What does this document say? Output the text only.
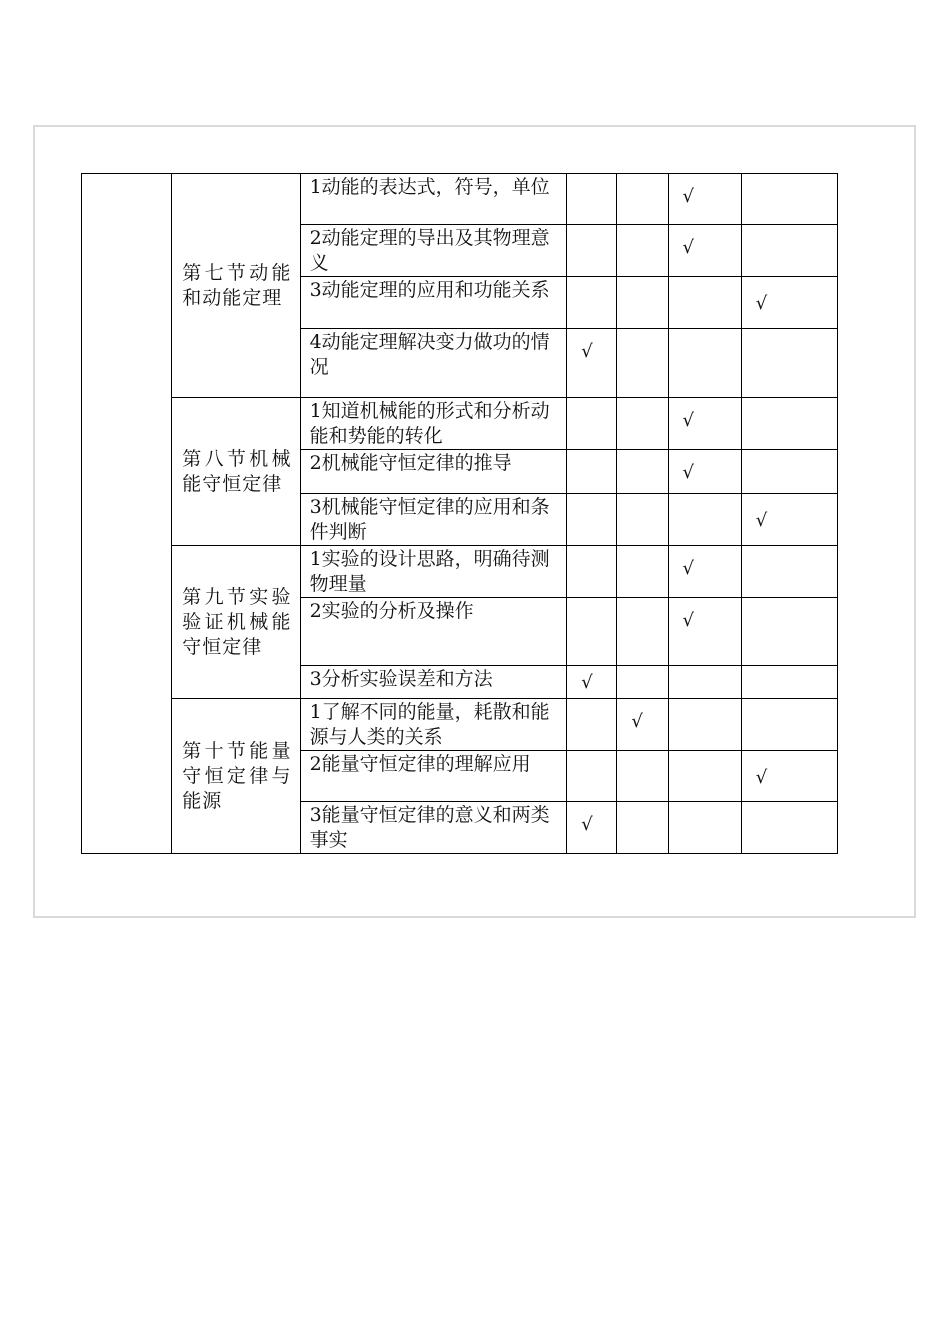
	第七节动能和动能定理	1动能的表达式，符号，单位			√	

		2动能定理的导出及其物理意义			√	

		3动能定理的应用和功能关系				√

		4动能定理解决变力做功的情况	√			

	第八节机械能守恒定律	1知道机械能的形式和分析动能和势能的转化			√	

		2机械能守恒定律的推导			√	

		3机械能守恒定律的应用和条件判断				√

	第九节实验验证机械能守恒定律	1实验的设计思路，明确待测物理量			√	

		2实验的分析及操作			√	

		3分析实验误差和方法	√			

	第十节能量守恒定律与能源	1了解不同的能量，耗散和能源与人类的关系		√		

		2能量守恒定律的理解应用				√

		3能量守恒定律的意义和两类事实	√			
